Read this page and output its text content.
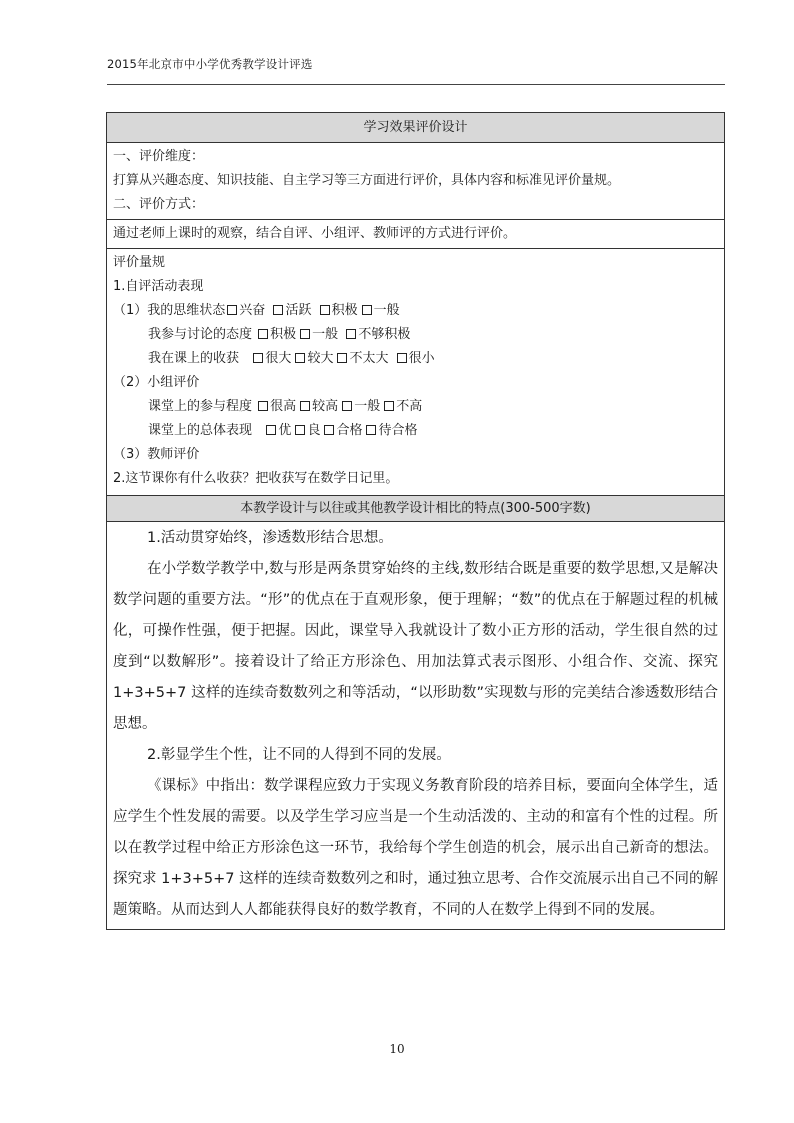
2015年北京市中小学优秀教学设计评选
学习效果评价设计
一、评价维度：
打算从兴趣态度、知识技能、自主学习等三方面进行评价，具体内容和标准见评价量规。
二、评价方式：
通过老师上课时的观察，结合自评、小组评、教师评的方式进行评价。
评价量规
1.自评活动表现
（1）我的思维状态 兴奋 活跃 积极 一般
我参与讨论的态度 积极 一般 不够积极
我在课上的收获 很大 较大 不太大 很小
（2）小组评价
课堂上的参与程度 很高 较高 一般 不高
课堂上的总体表现 优 良 合格 待合格
（3）教师评价
2.这节课你有什么收获？把收获写在数学日记里。
本教学设计与以往或其他教学设计相比的特点(300-500字数)
1.活动贯穿始终，渗透数形结合思想。
在小学数学教学中,数与形是两条贯穿始终的主线,数形结合既是重要的数学思想,又是解决数学问题的重要方法。“形”的优点在于直观形象，便于理解；“数”的优点在于解题过程的机械化，可操作性强，便于把握。因此，课堂导入我就设计了数小正方形的活动，学生很自然的过度到“以数解形”。接着设计了给正方形涂色、用加法算式表示图形、小组合作、交流、探究 1+3+5+7 这样的连续奇数数列之和等活动，“以形助数”实现数与形的完美结合渗透数形结合思想。
2.彰显学生个性，让不同的人得到不同的发展。
《课标》中指出：数学课程应致力于实现义务教育阶段的培养目标，要面向全体学生，适应学生个性发展的需要。以及学生学习应当是一个生动活泼的、主动的和富有个性的过程。所以在教学过程中给正方形涂色这一环节，我给每个学生创造的机会，展示出自己新奇的想法。探究求 1+3+5+7 这样的连续奇数数列之和时，通过独立思考、合作交流展示出自己不同的解题策略。从而达到人人都能获得良好的数学教育，不同的人在数学上得到不同的发展。
10
